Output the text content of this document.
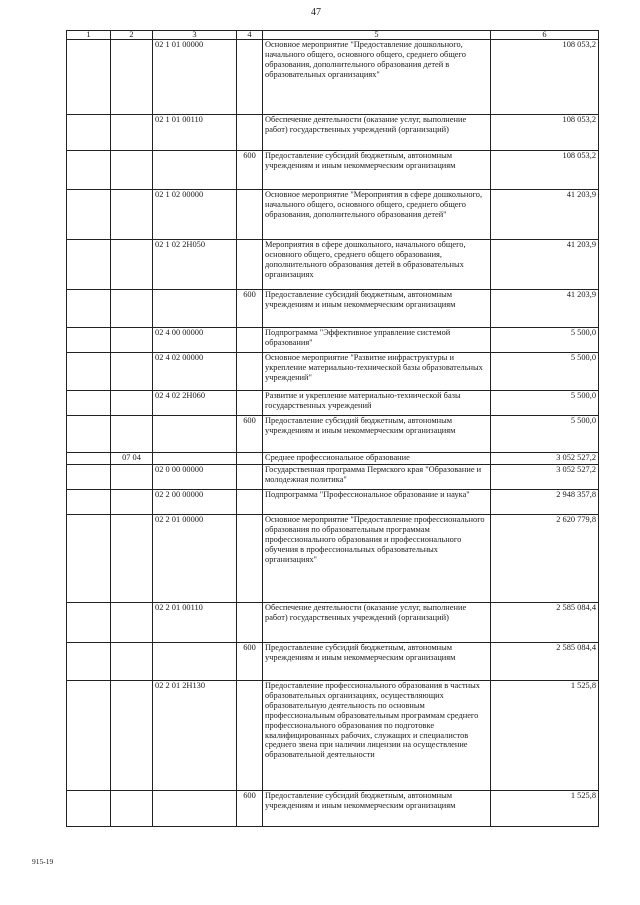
47
1	2	3	4	5	6
		02 1 01 00000		Основное мероприятие "Предоставление дошкольного, начального общего, основного общего, среднего общего образования, дополнительного образования детей в образовательных организациях"	108 053,2
		02 1 01 00110		Обеспечение деятельности (оказание услуг, выполнение работ) государственных учреждений (организаций)	108 053,2
			600	Предоставление субсидий бюджетным, автономным учреждениям и иным некоммерческим организациям	108 053,2
		02 1 02 00000		Основное мероприятие "Мероприятия в сфере дошкольного, начального общего, основного общего, среднего общего образования, дополнительного образования детей"	41 203,9
		02 1 02 2Н050		Мероприятия в сфере дошкольного, начального общего, основного общего, среднего общего образования, дополнительного образования детей в образовательных организациях	41 203,9
			600	Предоставление субсидий бюджетным, автономным учреждениям и иным некоммерческим организациям	41 203,9
		02 4 00 00000		Подпрограмма "Эффективное управление системой образования"	5 500,0
		02 4 02 00000		Основное мероприятие "Развитие инфраструктуры и укрепление материально-технической базы образовательных учреждений"	5 500,0
		02 4 02 2Н060		Развитие и укрепление материально-технической базы государственных учреждений	5 500,0
			600	Предоставление субсидий бюджетным, автономным учреждениям и иным некоммерческим организациям	5 500,0
	07 04			Среднее профессиональное образование	3 052 527,2
		02 0 00 00000		Государственная программа Пермского края "Образование и молодежная политика"	3 052 527,2
		02 2 00 00000		Подпрограмма "Профессиональное образование и наука"	2 948 357,8
		02 2 01 00000		Основное мероприятие "Предоставление профессионального образования по образовательным программам профессионального образования и профессионального обучения в профессиональных образовательных организациях"	2 620 779,8
		02 2 01 00110		Обеспечение деятельности (оказание услуг, выполнение работ) государственных учреждений (организаций)	2 585 084,4
			600	Предоставление субсидий бюджетным, автономным учреждениям и иным некоммерческим организациям	2 585 084,4
		02 2 01 2Н130		Предоставление профессионального образования в частных образовательных организациях, осуществляющих образовательную деятельность по основным профессиональным образовательным программам среднего профессионального образования по подготовке квалифицированных рабочих, служащих и специалистов среднего звена при наличии лицензии на осуществление образовательной деятельности	1 525,8
			600	Предоставление субсидий бюджетным, автономным учреждениям и иным некоммерческим организациям	1 525,8
915-19
